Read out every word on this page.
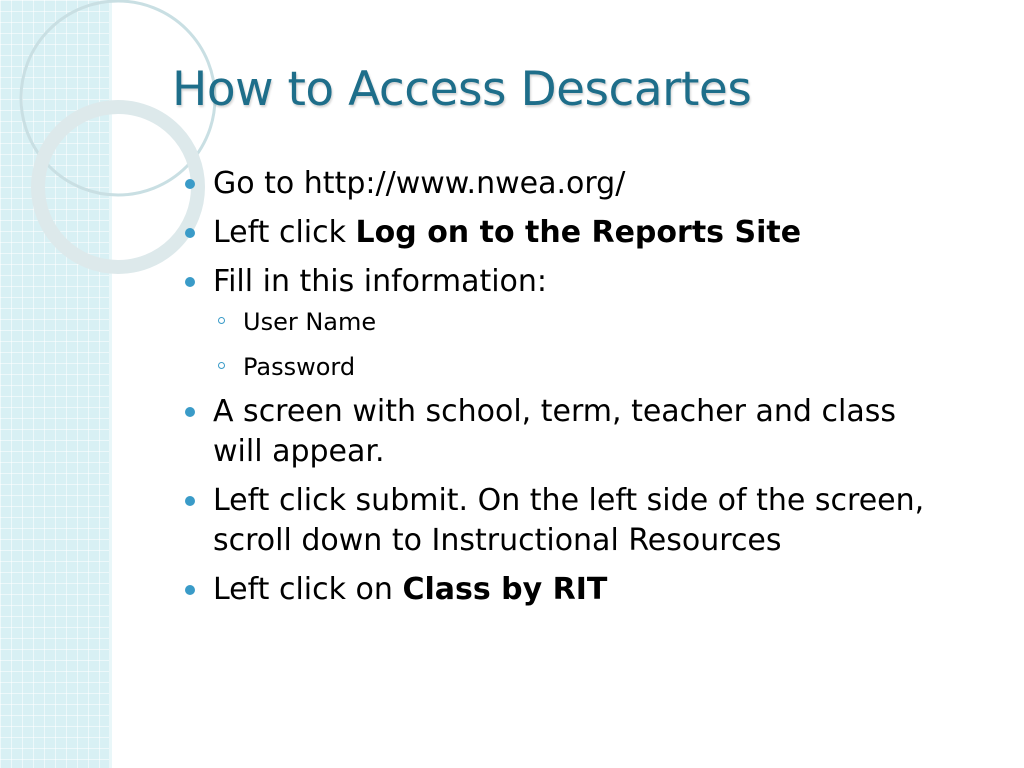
How to Access Descartes
Go to http://www.nwea.org/
Left click Log on to the Reports Site
Fill in this information:
User Name
Password
A screen with school, term, teacher and class will appear.
Left click submit. On the left side of the screen, scroll down to Instructional Resources
Left click on Class by RIT
